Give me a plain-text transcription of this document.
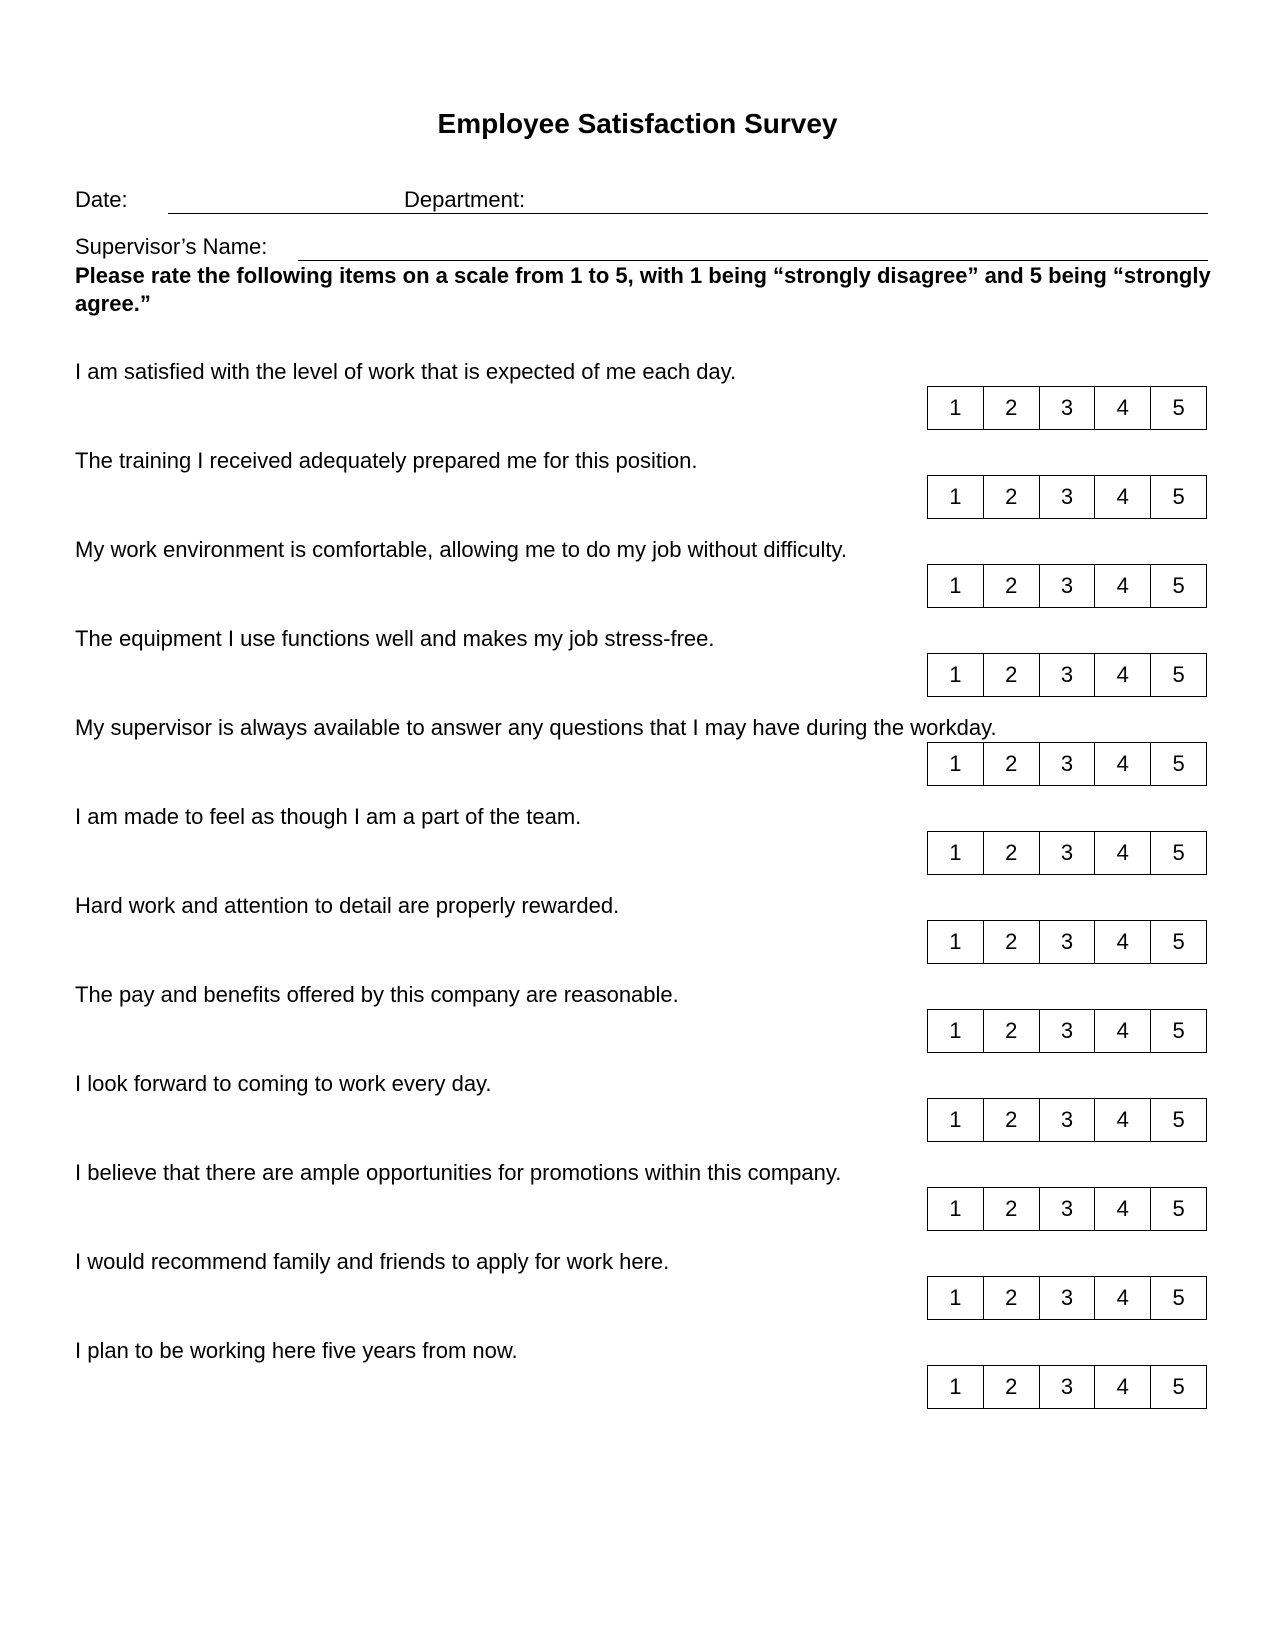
Employee Satisfaction Survey
Date:	Department:
Supervisor’s Name:
Please rate the following items on a scale from 1 to 5, with 1 being “strongly disagree” and 5 being “strongly agree.”
I am satisfied with the level of work that is expected of me each day.
1	2	3	4	5
The training I received adequately prepared me for this position.
1	2	3	4	5
My work environment is comfortable, allowing me to do my job without difficulty.
1	2	3	4	5
The equipment I use functions well and makes my job stress-free.
1	2	3	4	5
My supervisor is always available to answer any questions that I may have during the workday.
1	2	3	4	5
I am made to feel as though I am a part of the team.
1	2	3	4	5
Hard work and attention to detail are properly rewarded.
1	2	3	4	5
The pay and benefits offered by this company are reasonable.
1	2	3	4	5
I look forward to coming to work every day.
1	2	3	4	5
I believe that there are ample opportunities for promotions within this company.
1	2	3	4	5
I would recommend family and friends to apply for work here.
1	2	3	4	5
I plan to be working here five years from now.
1	2	3	4	5
